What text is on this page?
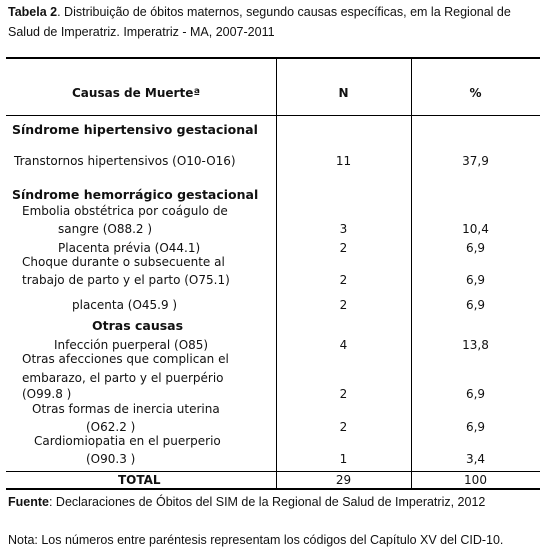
Tabela 2. Distribuição de óbitos maternos, segundo causas específicas, em la Regional de Salud de Imperatriz. Imperatriz - MA, 2007-2011
Causas de Muerteª	N	%
Síndrome hipertensivo gestacional
Transtornos hipertensivos (O10-O16)	11	37,9
Síndrome hemorrágico gestacional
Embolia obstétrica por coágulo de
sangre (O88.2 )	3	10,4
Placenta prévia (O44.1)	2	6,9
Choque durante o subsecuente al
trabajo de parto y el parto (O75.1)	2	6,9
placenta (O45.9 )	2	6,9
Otras causas
Infección puerperal (O85)	4	13,8
Otras afecciones que complican el
embarazo, el parto y el puerpério
(O99.8 )	2	6,9
Otras formas de inercia uterina
(O62.2 )	2	6,9
Cardiomiopatia en el puerperio
(O90.3 )	1	3,4
TOTAL	29	100
Fuente: Declaraciones de Óbitos del SIM de la Regional de Salud de Imperatriz, 2012
Nota: Los números entre paréntesis representam los códigos del Capítulo XV del CID-10.
